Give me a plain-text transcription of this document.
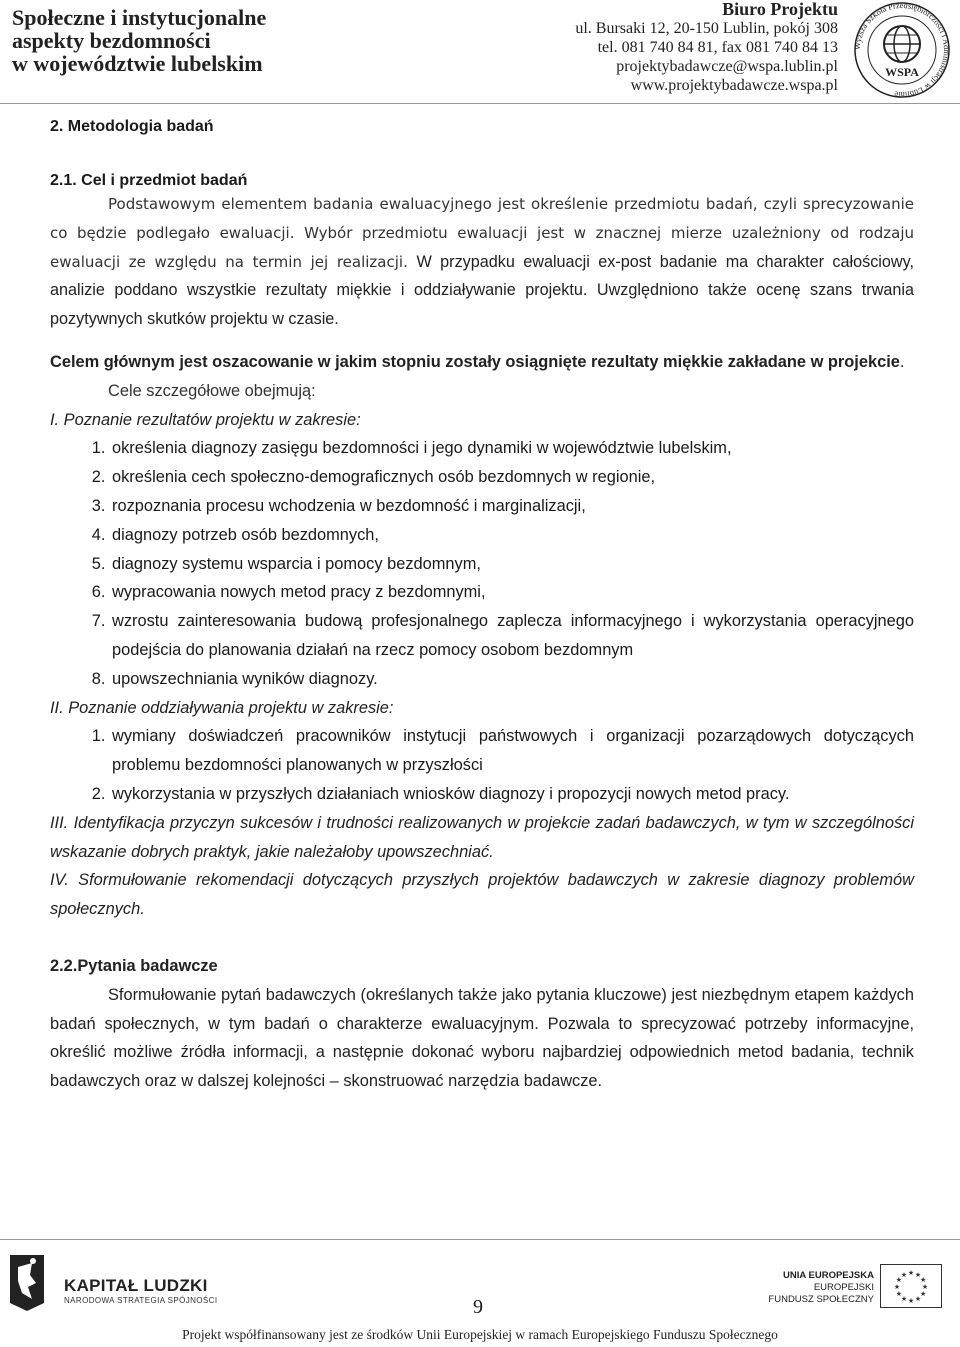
Społeczne i instytucjonalne
aspekty bezdomności
w województwie lubelskim
Biuro Projektu
ul. Bursaki 12, 20-150 Lublin, pokój 308
tel. 081 740 84 81, fax 081 740 84 13
projektybadawcze@wspa.lublin.pl
www.projektybadawcze.wspa.pl
Wyższa Szkoła Przedsiębiorczości i Administracji w Lublinie
WSPA
2. Metodologia badań
2.1. Cel i przedmiot badań
Podstawowym elementem badania ewaluacyjnego jest określenie przedmiotu badań, czyli sprecyzowanie co będzie podlegało ewaluacji. Wybór przedmiotu ewaluacji jest w znacznej mierze uzależniony od rodzaju ewaluacji ze względu na termin jej realizacji. W przypadku ewaluacji ex-post badanie ma charakter całościowy, analizie poddano wszystkie rezultaty miękkie i oddziaływanie projektu. Uwzględniono także ocenę szans trwania pozytywnych skutków projektu w czasie.
Celem głównym jest oszacowanie w jakim stopniu zostały osiągnięte rezultaty miękkie zakładane w projekcie.
Cele szczegółowe obejmują:
I. Poznanie rezultatów projektu w zakresie:
1. określenia diagnozy zasięgu bezdomności i jego dynamiki w województwie lubelskim,
2. określenia cech społeczno-demograficznych osób bezdomnych w regionie,
3. rozpoznania procesu wchodzenia w bezdomność i marginalizacji,
4. diagnozy potrzeb osób bezdomnych,
5. diagnozy systemu wsparcia i pomocy bezdomnym,
6. wypracowania nowych metod pracy z bezdomnymi,
7. wzrostu zainteresowania budową profesjonalnego zaplecza informacyjnego i wykorzystania operacyjnego podejścia do planowania działań na rzecz pomocy osobom bezdomnym
8. upowszechniania wyników diagnozy.
II. Poznanie oddziaływania projektu w zakresie:
1. wymiany doświadczeń pracowników instytucji państwowych i organizacji pozarządowych dotyczących problemu bezdomności planowanych w przyszłości
2. wykorzystania w przyszłych działaniach wniosków diagnozy i propozycji nowych metod pracy.
III. Identyfikacja przyczyn sukcesów i trudności realizowanych w projekcie zadań badawczych, w tym w szczególności wskazanie dobrych praktyk, jakie należałoby upowszechniać.
IV. Sformułowanie rekomendacji dotyczących przyszłych projektów badawczych w zakresie diagnozy problemów społecznych.
2.2.Pytania badawcze
Sformułowanie pytań badawczych (określanych także jako pytania kluczowe) jest niezbędnym etapem każdych badań społecznych, w tym badań o charakterze ewaluacyjnym. Pozwala to sprecyzować potrzeby informacyjne, określić możliwe źródła informacji, a następnie dokonać wyboru najbardziej odpowiednich metod badania, technik badawczych oraz w dalszej kolejności – skonstruować narzędzia badawcze.
KAPITAŁ LUDZKI
NARODOWA STRATEGIA SPÓJNOŚCI	9
UNIA EUROPEJSKA
EUROPEJSKI
FUNDUSZ SPOŁECZNY
★ ★
★
★
★
★
★
★
★
★
★
★
Projekt współfinansowany jest ze środków Unii Europejskiej w ramach Europejskiego Funduszu Społecznego
